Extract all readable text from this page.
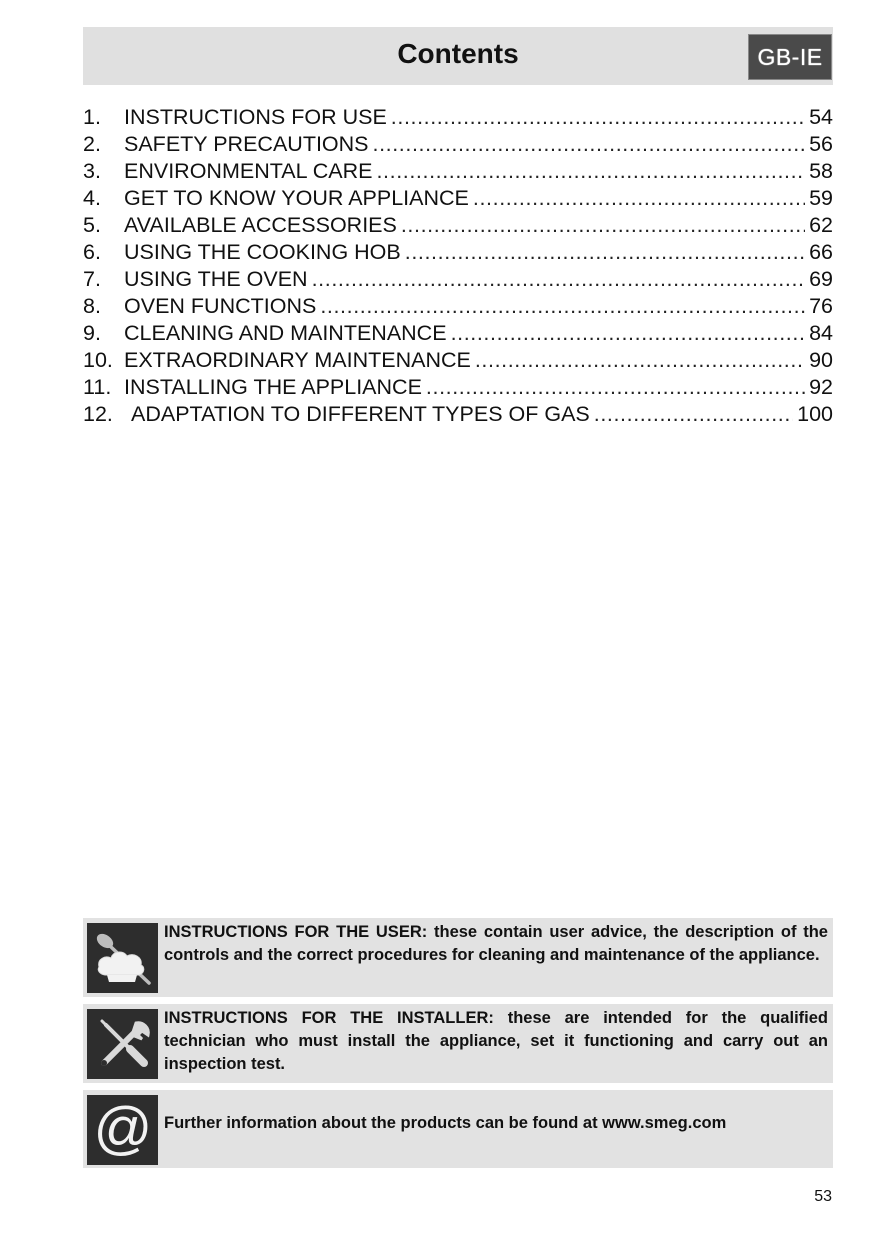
Contents	GB-IE
1.	INSTRUCTIONS FOR USE .....	54
2.	SAFETY PRECAUTIONS .....	56
3.	ENVIRONMENTAL CARE .....	58
4.	GET TO KNOW YOUR APPLIANCE .....	59
5.	AVAILABLE ACCESSORIES .....	62
6.	USING THE COOKING HOB .....	66
7.	USING THE OVEN .....	69
8.	OVEN FUNCTIONS .....	76
9.	CLEANING AND MAINTENANCE .....	84
10. EXTRAORDINARY MAINTENANCE .....	90
11. INSTALLING THE APPLIANCE .....	92
12. ADAPTATION TO DIFFERENT TYPES OF GAS .....	100
INSTRUCTIONS FOR THE USER: these contain user advice, the description of the controls and the correct procedures for cleaning and maintenance of the appliance.
INSTRUCTIONS FOR THE INSTALLER: these are intended for the qualified technician who must install the appliance, set it functioning and carry out an inspection test.
@ Further information about the products can be found at www.smeg.com
53
